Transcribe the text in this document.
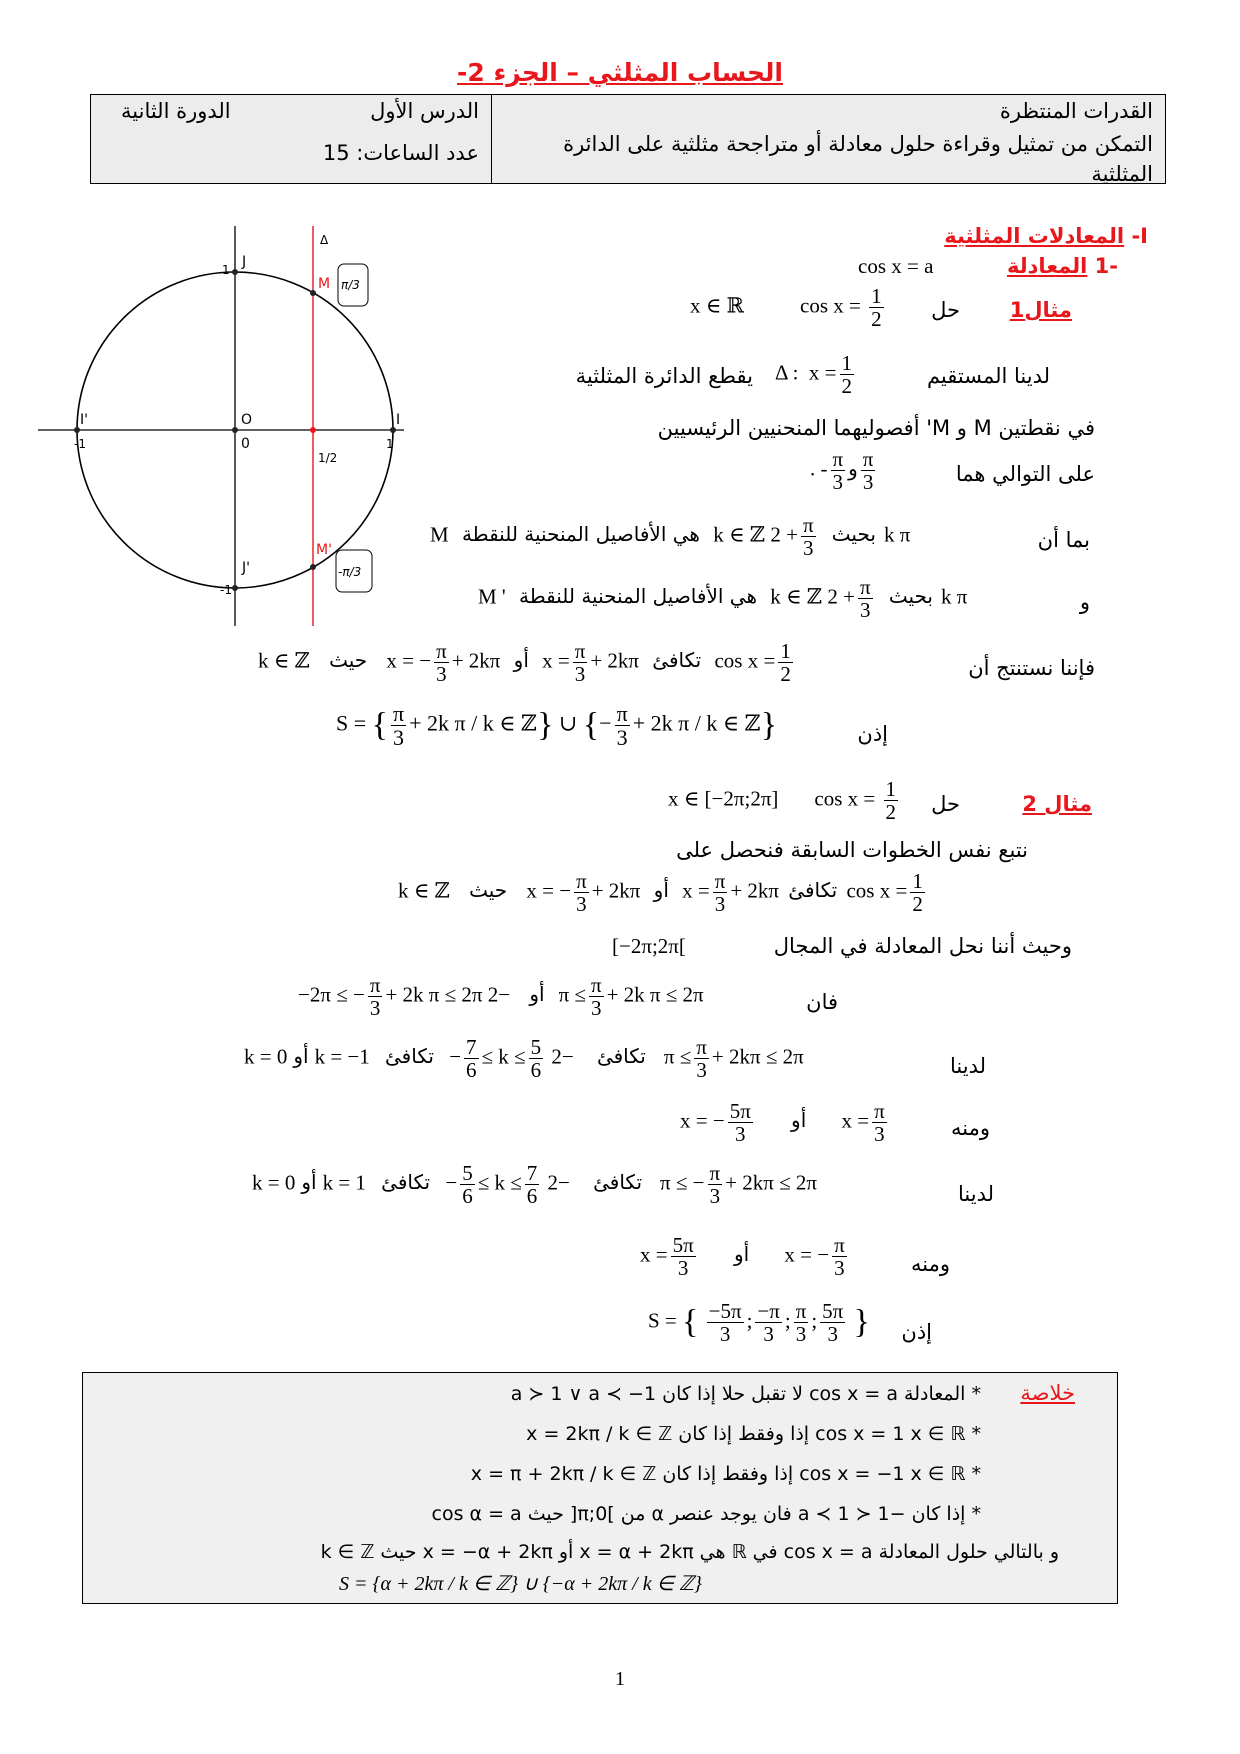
الحساب المثلثي – الجزء 2-
الدرس الأول
الدورة الثانية
عدد الساعات: 15
القدرات المنتظرة
التمكن من تمثيل وقراءة حلول معادلة أو متراجحة مثلثية على الدائرة المثلثية
J
M
I'	O	I
0
J'
M'
Δ
1
-1
-1	1
π/3
-π/3
1/2
I- المعادلات المثلثية
-1 المعادلة
cos x = a
مثال1
حل
x ∈ ℝ	$\cos x = \frac{1}{2}$
لدينا المستقيم
Δ :  $x = \frac{1}{2}$
يقطع الدائرة المثلثية
في نقطتين M و M' أفصوليهما المنحنيين الرئيسيين
على التوالي هما
. - $\frac{\pi}{3}$ و $\frac{\pi}{3}$
بما أن
M هي الأفاصيل المنحنية للنقطة k ∈ ℤ	بحيث
$\frac{\pi}{3}$
+ 2k π
و
M ' هي الأفاصيل المنحنية للنقطة k ∈ ℤ	بحيث
$\frac{\pi}{3}$
+ 2k π
فإننا نستنتج أن
k ∈ ℤ حيث x = − $\frac{\pi}{3} + 2k\pi$ أو $x = \frac{\pi}{3} + 2k\pi$ تكافئ $\cos x = \frac{1}{2}$
إذن
S = { $\frac{\pi}{3} + 2k$ π / k ∈ ℤ} ∪ {− $\frac{\pi}{3} + 2k$ π / k ∈ ℤ}
مثال 2
حل
x ∈ [−2π;2π] $\cos x = \frac{1}{2}$
نتبع نفس الخطوات السابقة فنحصل على
k ∈ ℤ حيث x = − $\frac{\pi}{3} + 2k\pi$ أو $x = \frac{\pi}{3} + 2k\pi$ تكافئ $\cos x = \frac{1}{2}$
[−2π;2π[	وحيث أننا نحل المعادلة في المجال
فان
−2π ≤ − $\frac{\pi}{3} + 2k$ π ≤ 2π أو $-2\pi \le \frac{\pi}{3} + 2k$ π ≤ 2π
لدينا
k = 0 أو k = −1 تكافئ − $\frac{7}{6} \le k \le \frac{5}{6}$	تكافئ $-2\pi \le \frac{\pi}{3} + 2k\pi \le 2\pi$
ومنه
x = − $\frac{5\pi}{3}$ أو $x = \frac{\pi}{3}$
لدينا
k = 0 أو k = 1 تكافئ − $\frac{5}{6} \le k \le \frac{7}{6}$	تكافئ −2π ≤ − $\frac{\pi}{3} + 2k\pi \le 2\pi$
ومنه
$x = \frac{5\pi}{3}$ أو x = − $\frac{\pi}{3}$
إذن
S = { $\frac{-5\pi}{3}$ ; $\frac{-\pi}{3}$ ; $\frac{\pi}{3}$ ; $\frac{5\pi}{3}$ }
خلاصة
* المعادلة cos x = a لا تقبل حلا إذا كان a ≻ 1 ∨ a ≺ −1
* cos x = 1 x ∈ ℝ إذا وفقط إذا كان x = 2kπ / k ∈ ℤ
* cos x = −1 x ∈ ℝ إذا وفقط إذا كان x = π + 2kπ / k ∈ ℤ
* إذا كان −1 ≺ a ≺ 1 فان يوجد عنصر α من ]0;π[ حيث cos α = a
و بالتالي حلول المعادلة cos x = a في ℝ هي x = α + 2kπ أو x = −α + 2kπ حيث k ∈ ℤ
S = {α + 2kπ / k ∈ ℤ} ∪ {−α + 2kπ / k ∈ ℤ}
1
